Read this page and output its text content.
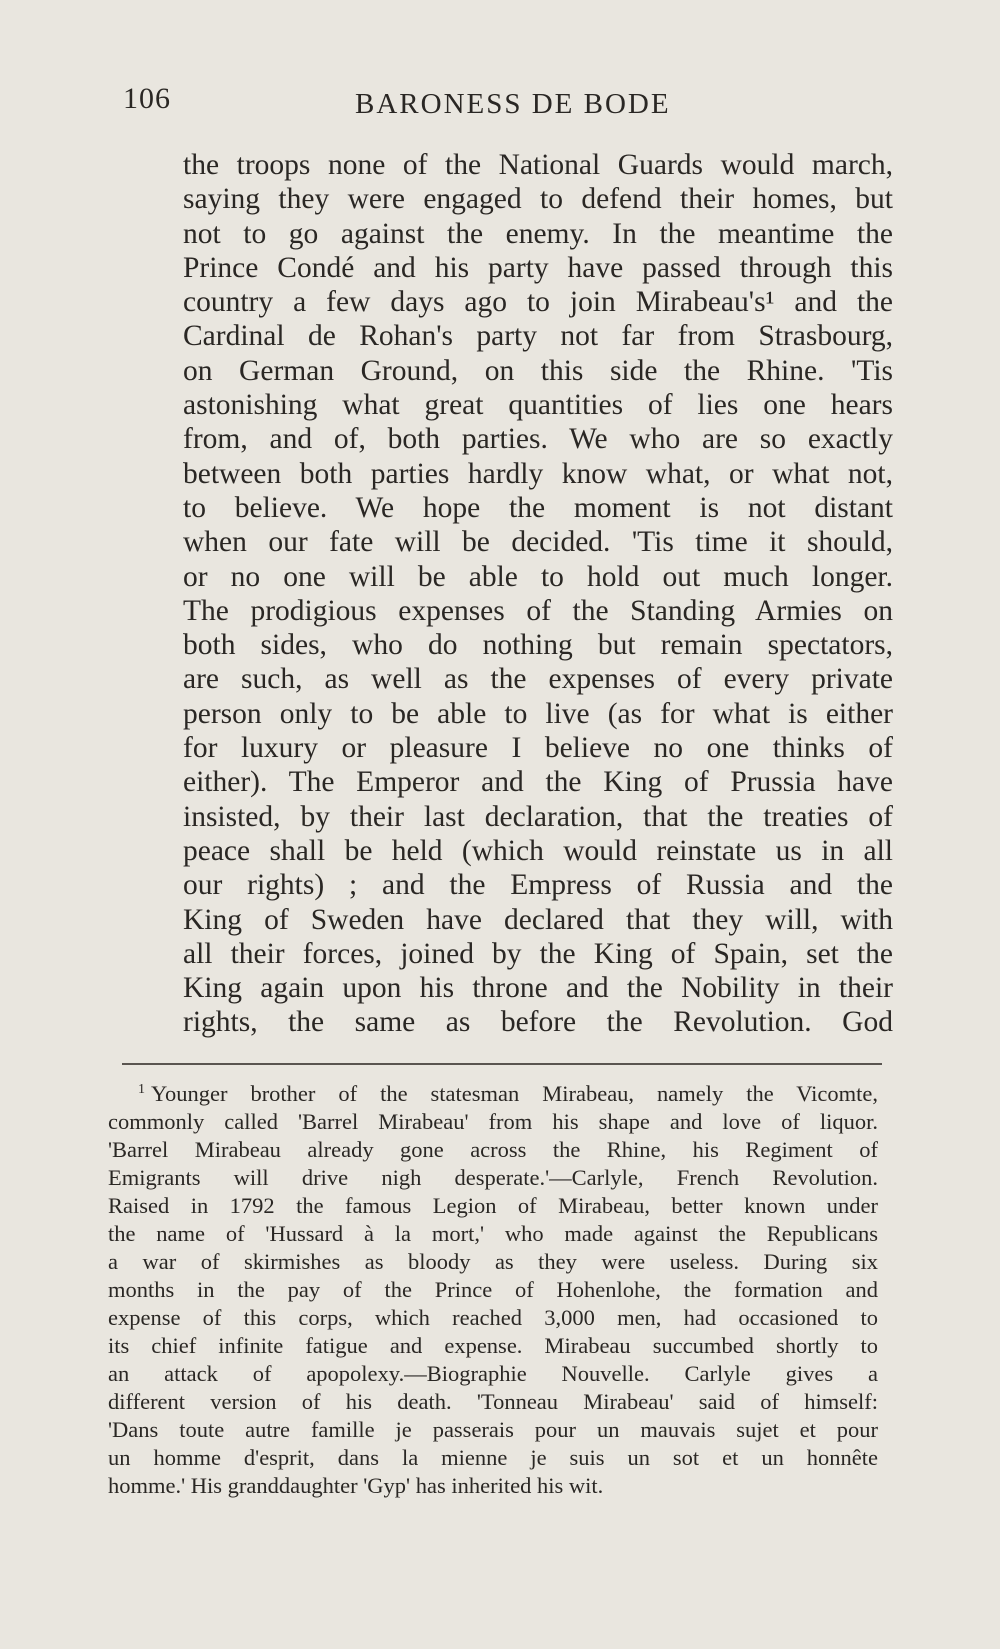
106	BARONESS DE BODE
the troops none of the National Guards would march,
saying they were engaged to defend their homes, but
not to go against the enemy. In the meantime the
Prince Condé and his party have passed through this
country a few days ago to join Mirabeau's¹ and the
Cardinal de Rohan's party not far from Strasbourg,
on German Ground, on this side the Rhine. 'Tis
astonishing what great quantities of lies one hears
from, and of, both parties. We who are so exactly
between both parties hardly know what, or what not,
to believe. We hope the moment is not distant
when our fate will be decided. 'Tis time it should,
or no one will be able to hold out much longer.
The prodigious expenses of the Standing Armies on
both sides, who do nothing but remain spectators,
are such, as well as the expenses of every private
person only to be able to live (as for what is either
for luxury or pleasure I believe no one thinks of
either). The Emperor and the King of Prussia have
insisted, by their last declaration, that the treaties of
peace shall be held (which would reinstate us in all
our rights) ; and the Empress of Russia and the
King of Sweden have declared that they will, with
all their forces, joined by the King of Spain, set the
King again upon his throne and the Nobility in their
rights, the same as before the Revolution. God
$^1$ Younger brother of the statesman Mirabeau, namely the Vicomte,
commonly called 'Barrel Mirabeau' from his shape and love of liquor.
'Barrel Mirabeau already gone across the Rhine, his Regiment of
Emigrants will drive nigh desperate.'—Carlyle, French Revolution.
Raised in 1792 the famous Legion of Mirabeau, better known under
the name of 'Hussard à la mort,' who made against the Republicans
a war of skirmishes as bloody as they were useless. During six
months in the pay of the Prince of Hohenlohe, the formation and
expense of this corps, which reached 3,000 men, had occasioned to
its chief infinite fatigue and expense. Mirabeau succumbed shortly to
an attack of apopolexy.—Biographie Nouvelle. Carlyle gives a
different version of his death. 'Tonneau Mirabeau' said of himself:
'Dans toute autre famille je passerais pour un mauvais sujet et pour
un homme d'esprit, dans la mienne je suis un sot et un honnête
homme.' His granddaughter 'Gyp' has inherited his wit.
